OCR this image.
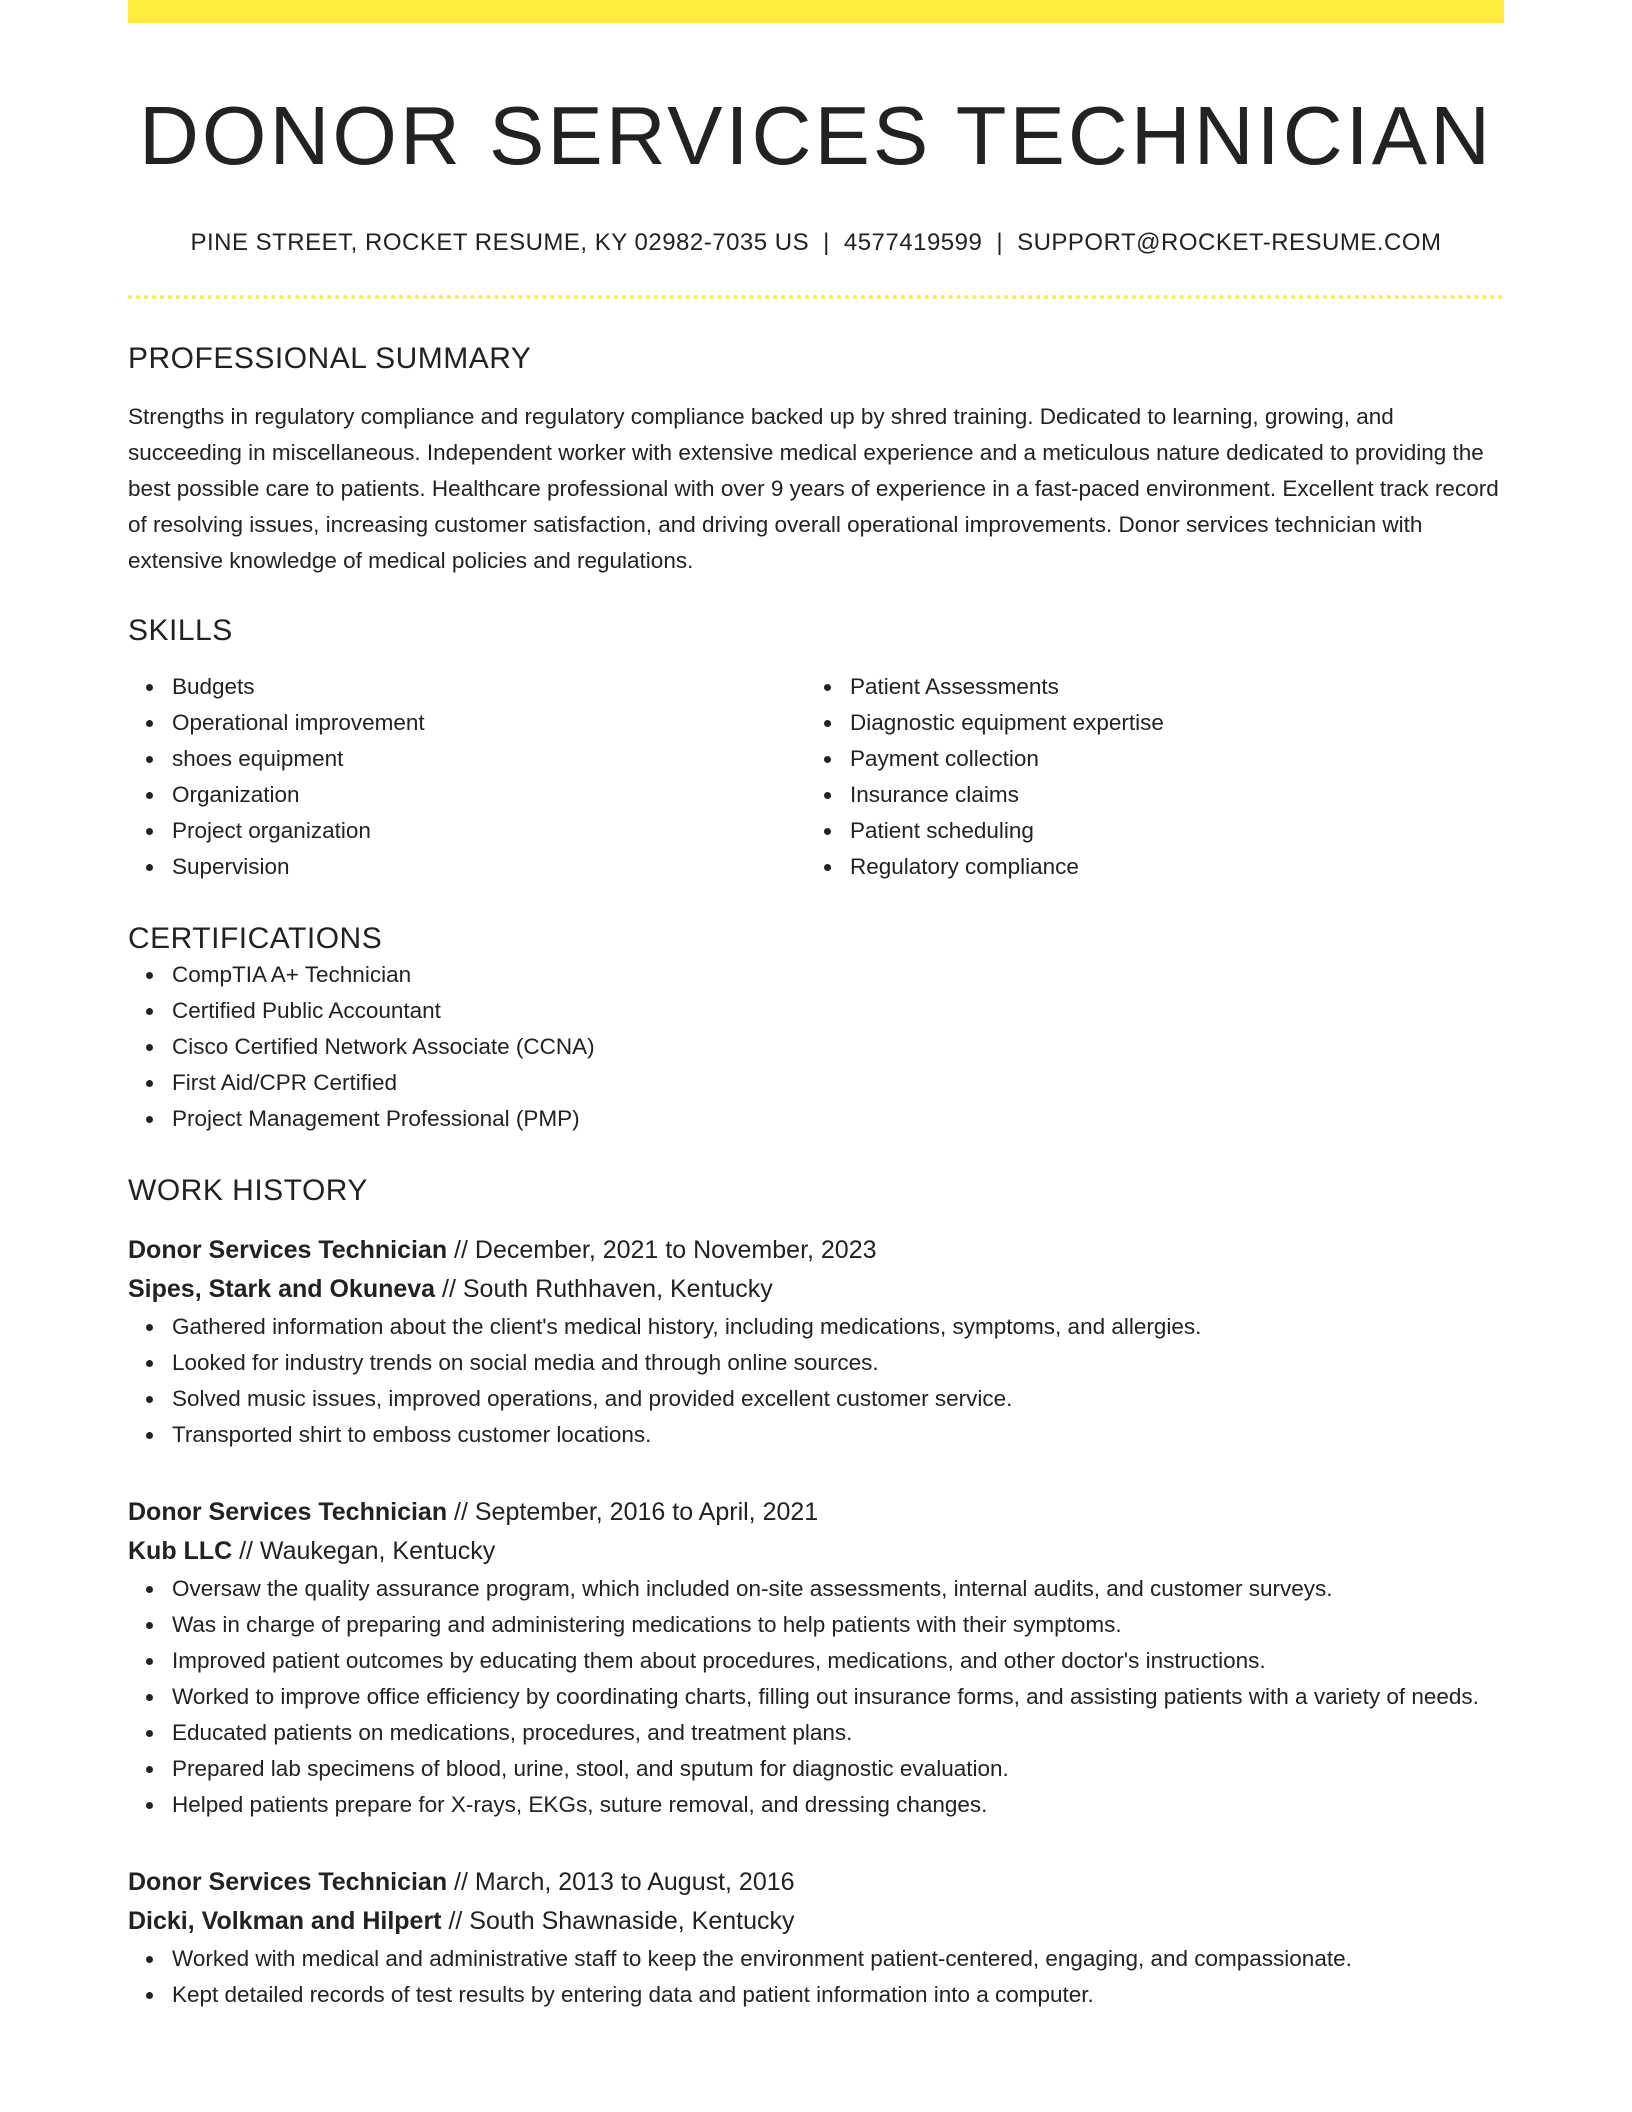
DONOR SERVICES TECHNICIAN
PINE STREET, ROCKET RESUME, KY 02982-7035 US | 4577419599 | SUPPORT@ROCKET-RESUME.COM
PROFESSIONAL SUMMARY

Strengths in regulatory compliance and regulatory compliance backed up by shred training. Dedicated to learning, growing, and succeeding in miscellaneous. Independent worker with extensive medical experience and a meticulous nature dedicated to providing the best possible care to patients. Healthcare professional with over 9 years of experience in a fast-paced environment. Excellent track record of resolving issues, increasing customer satisfaction, and driving overall operational improvements. Donor services technician with extensive knowledge of medical policies and regulations.

SKILLS
Budgets
Operational improvement
shoes equipment
Organization
Project organization
Supervision
Patient Assessments
Diagnostic equipment expertise
Payment collection
Insurance claims
Patient scheduling
Regulatory compliance
CERTIFICATIONS
CompTIA A+ Technician
Certified Public Accountant
Cisco Certified Network Associate (CCNA)
First Aid/CPR Certified
Project Management Professional (PMP)
WORK HISTORY
Donor Services Technician // December, 2021 to November, 2023
Sipes, Stark and Okuneva // South Ruthhaven, Kentucky
Gathered information about the client's medical history, including medications, symptoms, and allergies.
Looked for industry trends on social media and through online sources.
Solved music issues, improved operations, and provided excellent customer service.
Transported shirt to emboss customer locations.
Donor Services Technician // September, 2016 to April, 2021
Kub LLC // Waukegan, Kentucky
Oversaw the quality assurance program, which included on-site assessments, internal audits, and customer surveys.
Was in charge of preparing and administering medications to help patients with their symptoms.
Improved patient outcomes by educating them about procedures, medications, and other doctor's instructions.
Worked to improve office efficiency by coordinating charts, filling out insurance forms, and assisting patients with a variety of needs.
Educated patients on medications, procedures, and treatment plans.
Prepared lab specimens of blood, urine, stool, and sputum for diagnostic evaluation.
Helped patients prepare for X-rays, EKGs, suture removal, and dressing changes.
Donor Services Technician // March, 2013 to August, 2016
Dicki, Volkman and Hilpert // South Shawnaside, Kentucky
Worked with medical and administrative staff to keep the environment patient-centered, engaging, and compassionate.
Kept detailed records of test results by entering data and patient information into a computer.
